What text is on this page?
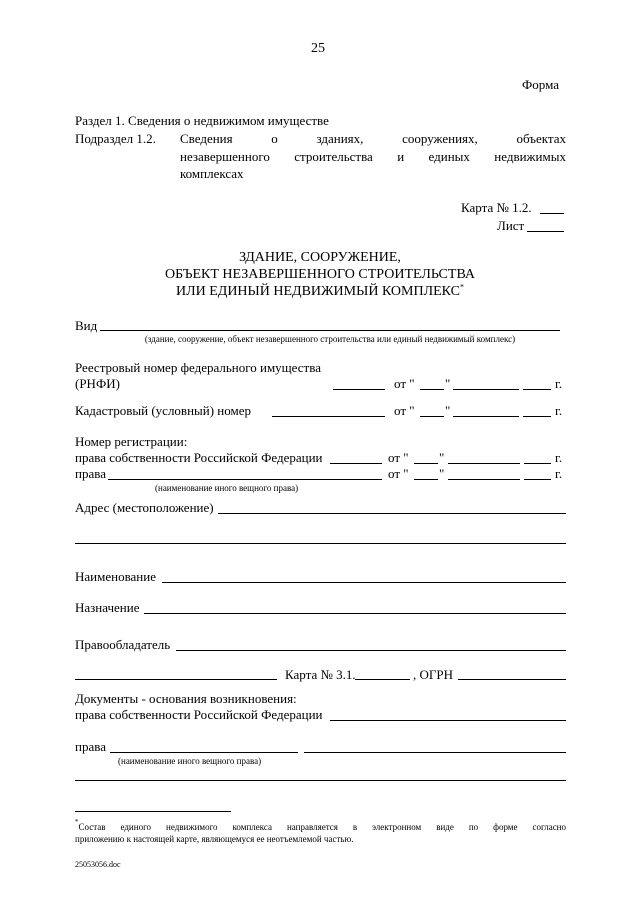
25
Форма
Раздел 1. Сведения о недвижимом имуществе
Подраздел 1.2. Сведения	о	зданиях,	сооружениях,	объектах
незавершенного строительства и единых недвижимых
комплексах
Карта № 1.2.
Лист
ЗДАНИЕ, СООРУЖЕНИЕ,
ОБЪЕКТ НЕЗАВЕРШЕННОГО СТРОИТЕЛЬСТВА
ИЛИ ЕДИНЫЙ НЕДВИЖИМЫЙ КОМПЛЕКС*
Вид
(здание, сооружение, объект незавершенного строительства или единый недвижимый комплекс)
Реестровый номер федерального имущества
(РНФИ)	от " "	г.
Кадастровый (условный) номер	от " "	г.
Номер регистрации:
права собственности Российской Федерации	от " "	г.
права	от " "	г.
(наименование иного вещного права)
Адрес (местоположение)
Наименование
Назначение
Правообладатель
Карта № 3.1.	, ОГРН
Документы - основания возникновения:
права собственности Российской Федерации
права
(наименование иного вещного права)
* Состав единого недвижимого комплекса направляется в электронном виде по форме согласно
приложению к настоящей карте, являющемуся ее неотъемлемой частью.
25053056.doc
